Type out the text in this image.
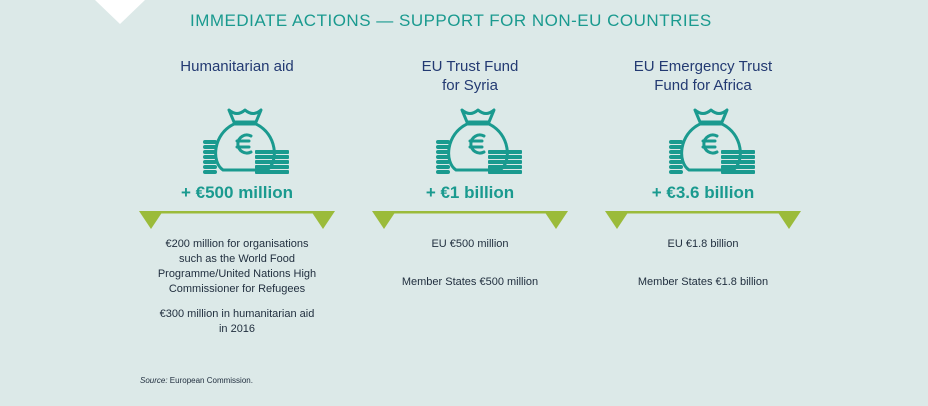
IMMEDIATE ACTIONS — SUPPORT FOR NON-EU COUNTRIES
Humanitarian aid
+ €500 million

€200 million for organisations
such as the World Food
Programme/United Nations High
Commissioner for Refugees

€300 million in humanitarian aid
in 2016

EU Trust Fund
for Syria
+ €1 billion

EU €500 million

Member States €500 million

EU Emergency Trust
Fund for Africa
+ €3.6 billion

EU €1.8 billion

Member States €1.8 billion

Source: European Commission.
